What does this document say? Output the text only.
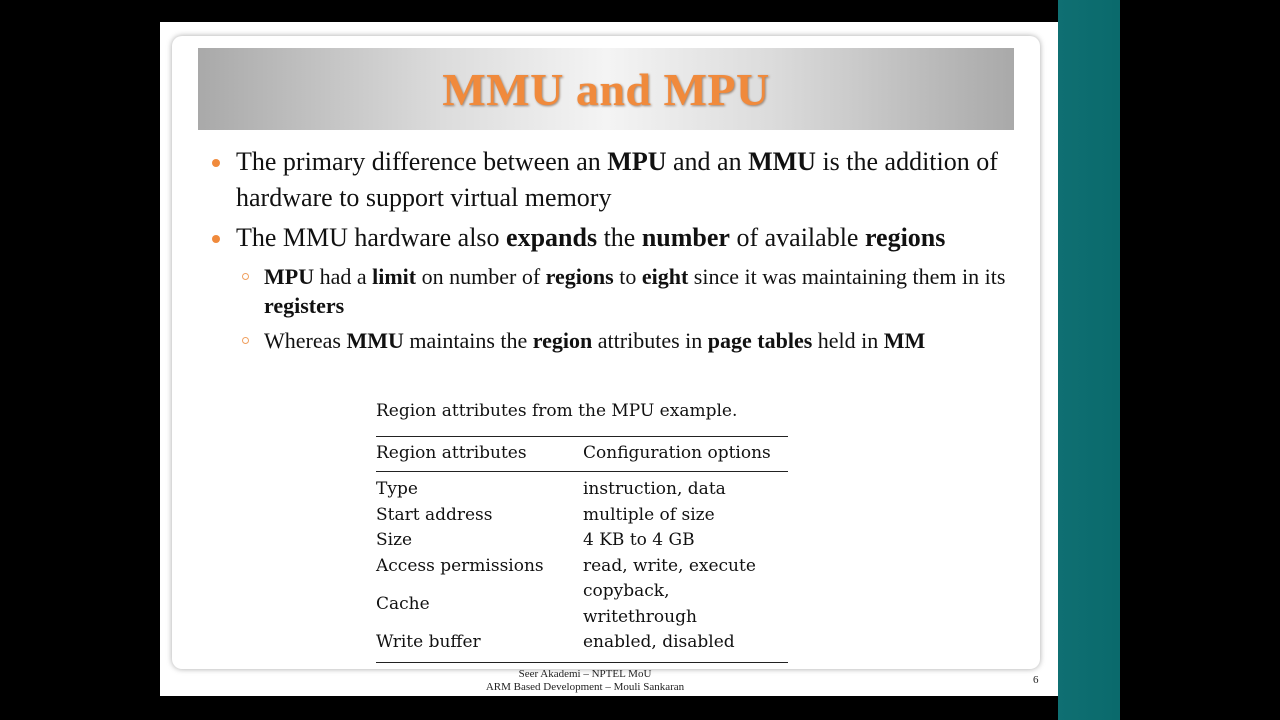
MMU and MPU
The primary difference between an MPU and an MMU is the addition of hardware to support virtual memory
The MMU hardware also expands the number of available regions
MPU had a limit on number of regions to eight since it was maintaining them in its registers
Whereas MMU maintains the region attributes in page tables held in MM
Region attributes from the MPU example.
Region attributes	Configuration options
Type	instruction, data
Start address	multiple of size
Size	4 KB to 4 GB
Access permissions	read, write, execute
Cache	copyback, writethrough
Write buffer	enabled, disabled
Seer Akademi – NPTEL MoU
ARM Based Development – Mouli Sankaran
6
